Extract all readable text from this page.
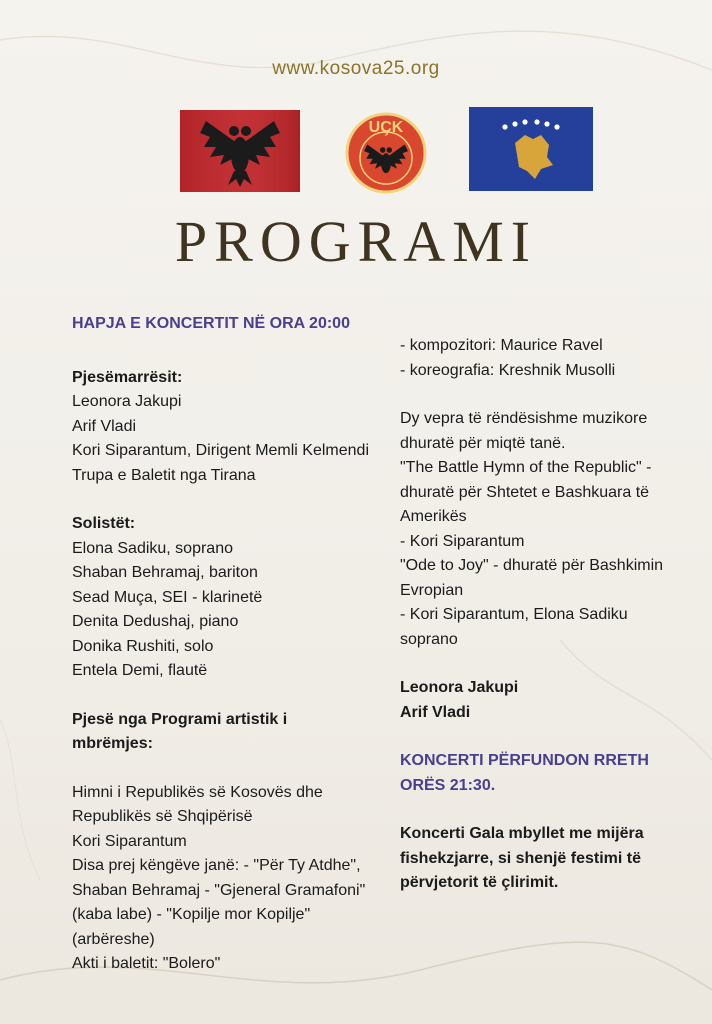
www.kosova25.org
UÇK
PROGRAMI
HAPJA E KONCERTIT NË ORA 20:00
Pjesëmarrësit:
Leonora Jakupi
Arif Vladi
Kori Siparantum, Dirigent Memli Kelmendi
Trupa e Baletit nga Tirana
Solistët:
Elona Sadiku, soprano
Shaban Behramaj, bariton
Sead Muça, SEI - klarinetë
Denita Dedushaj, piano
Donika Rushiti, solo
Entela Demi, flautë
Pjesë nga Programi artistik i
mbrëmjes:
Himni i Republikës së Kosovës dhe
Republikës së Shqipërisë
Kori Siparantum
Disa prej këngëve janë: - "Për Ty Atdhe",
Shaban Behramaj - "Gjeneral Gramafoni"
(kaba labe) - "Kopilje mor Kopilje"
(arbëreshe)
Akti i baletit: "Bolero"
- kompozitori: Maurice Ravel
- koreografia: Kreshnik Musolli
Dy vepra të rëndësishme muzikore
dhuratë për miqtë tanë.
"The Battle Hymn of the Republic" -
dhuratë për Shtetet e Bashkuara të
Amerikës
- Kori Siparantum
"Ode to Joy" - dhuratë për Bashkimin
Evropian
- Kori Siparantum, Elona Sadiku
soprano
Leonora Jakupi
Arif Vladi
KONCERTI PËRFUNDON RRETH
ORËS 21:30.
Koncerti Gala mbyllet me mijëra
fishekzjarre, si shenjë festimi të
përvjetorit të çlirimit.
